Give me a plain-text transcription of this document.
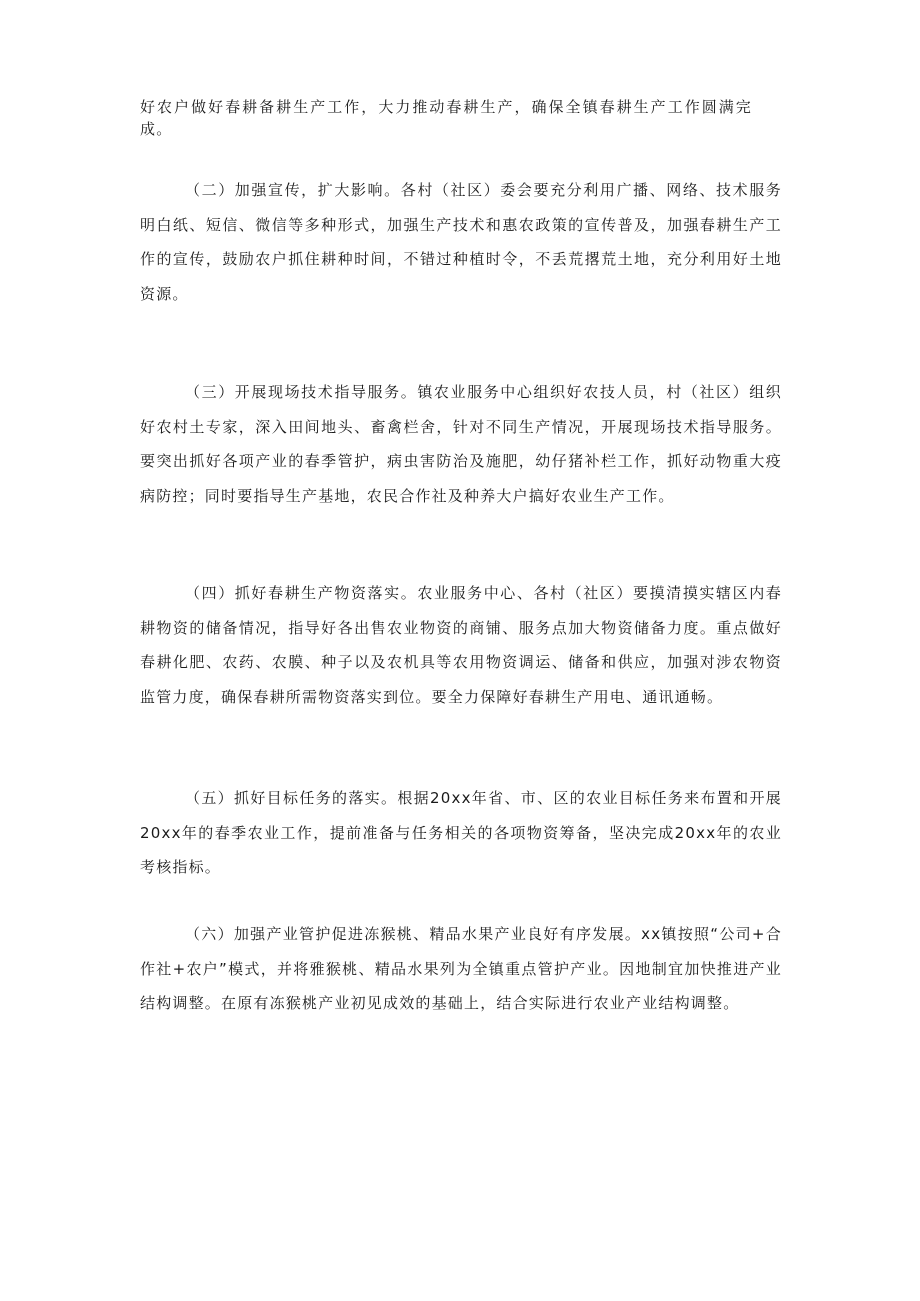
好农户做好春耕备耕生产工作，大力推动春耕生产，确保全镇春耕生产工作圆满完成。

（二）加强宣传，扩大影响。各村（社区）委会要充分利用广播、网络、技术服务明白纸、短信、微信等多种形式，加强生产技术和惠农政策的宣传普及，加强春耕生产工作的宣传，鼓励农户抓住耕种时间，不错过种植时令，不丢荒撂荒土地，充分利用好土地资源。

（三）开展现场技术指导服务。镇农业服务中心组织好农技人员，村（社区）组织好农村土专家，深入田间地头、畜禽栏舍，针对不同生产情况，开展现场技术指导服务。要突出抓好各项产业的春季管护，病虫害防治及施肥，幼仔猪补栏工作，抓好动物重大疫病防控；同时要指导生产基地，农民合作社及种养大户搞好农业生产工作。

（四）抓好春耕生产物资落实。农业服务中心、各村（社区）要摸清摸实辖区内春耕物资的储备情况，指导好各出售农业物资的商铺、服务点加大物资储备力度。重点做好春耕化肥、农药、农膜、种子以及农机具等农用物资调运、储备和供应，加强对涉农物资监管力度，确保春耕所需物资落实到位。要全力保障好春耕生产用电、通讯通畅。

（五）抓好目标任务的落实。根据20xx年省、市、区的农业目标任务来布置和开展20xx年的春季农业工作，提前准备与任务相关的各项物资筹备，坚决完成20xx年的农业考核指标。

（六）加强产业管护促进冻猴桃、精品水果产业良好有序发展。xx镇按照“公司+合作社+农户”模式，并将雅猴桃、精品水果列为全镇重点管护产业。因地制宜加快推进产业结构调整。在原有冻猴桃产业初见成效的基础上，结合实际进行农业产业结构调整。
